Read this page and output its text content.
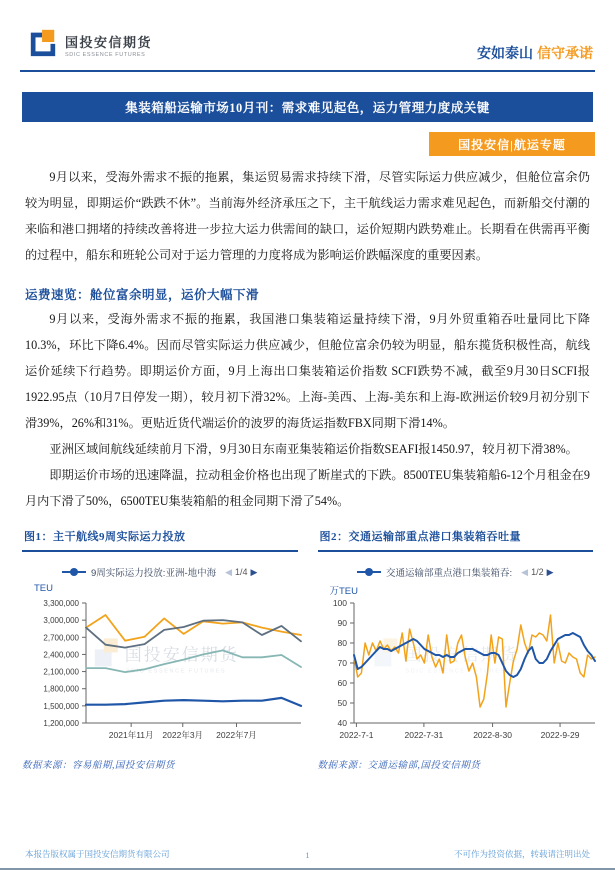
国投安信期货
SDIC ESSENCE FUTURES	安如泰山 信守承诺
集装箱船运输市场10月刊：需求难见起色，运力管理力度成关键
国投安信|航运专题

9月以来，受海外需求不振的拖累，集运贸易需求持续下滑，尽管实际运力供应减少，但舱位富余仍较为明显，即期运价“跌跌不休”。当前海外经济承压之下，主干航线运力需求难见起色，而新船交付潮的来临和港口拥堵的持续改善将进一步拉大运力供需间的缺口，运价短期内跌势难止。长期看在供需再平衡的过程中，船东和班轮公司对于运力管理的力度将成为影响运价跌幅深度的重要因素。

运费速览：舱位富余明显，运价大幅下滑

9月以来，受海外需求不振的拖累，我国港口集装箱运量持续下滑，9月外贸重箱吞吐量同比下降10.3%，环比下降6.4%。因而尽管实际运力供应减少，但舱位富余仍较为明显，船东揽货积极性高，航线运价延续下行趋势。即期运价方面，9月上海出口集装箱运价指数 SCFI跌势不减，截至9月30日SCFI报1922.95点（10月7日停发一期），较月初下滑32%。上海-美西、上海-美东和上海-欧洲运价较9月初分别下滑39%，26%和31%。更贴近货代端运价的波罗的海货运指数FBX同期下滑14%。

亚洲区域间航线延续前月下滑，9月30日东南亚集装箱运价指数SEAFI报1450.97，较月初下滑38%。

即期运价市场的迅速降温，拉动租金价格也出现了断崖式的下跌。8500TEU集装箱船6-12个月租金在9月内下滑了50%，6500TEU集装箱船的租金同期下滑了54%。

图1：主干航线9周实际运力投放
9周实际运力投放:亚洲-地中海 ◀ 1/4 ▶
TEU
国投安信期货
SDIC ESSENCE FUTURES
1,200,000
1,500,000
1,800,000
2,100,000
2,400,000
2,700,000
3,000,000
3,300,000
2021年11月 2022年3月 2022年7月
数据来源：容易船期,国投安信期货
图2：交通运输部重点港口集装箱吞吐量
交通运输部重点港口集装箱吞: ◀ 1/2 ▶
万TEU
国投安信期货
SDIC ESSENCE FUTURES
40
50
60
70
80
90
100
2022-7-1	2022-7-31	2022-8-30	2022-9-29
数据来源：交通运输部,国投安信期货
本报告版权属于国投安信期货有限公司	不可作为投资依据，转载请注明出处
1
